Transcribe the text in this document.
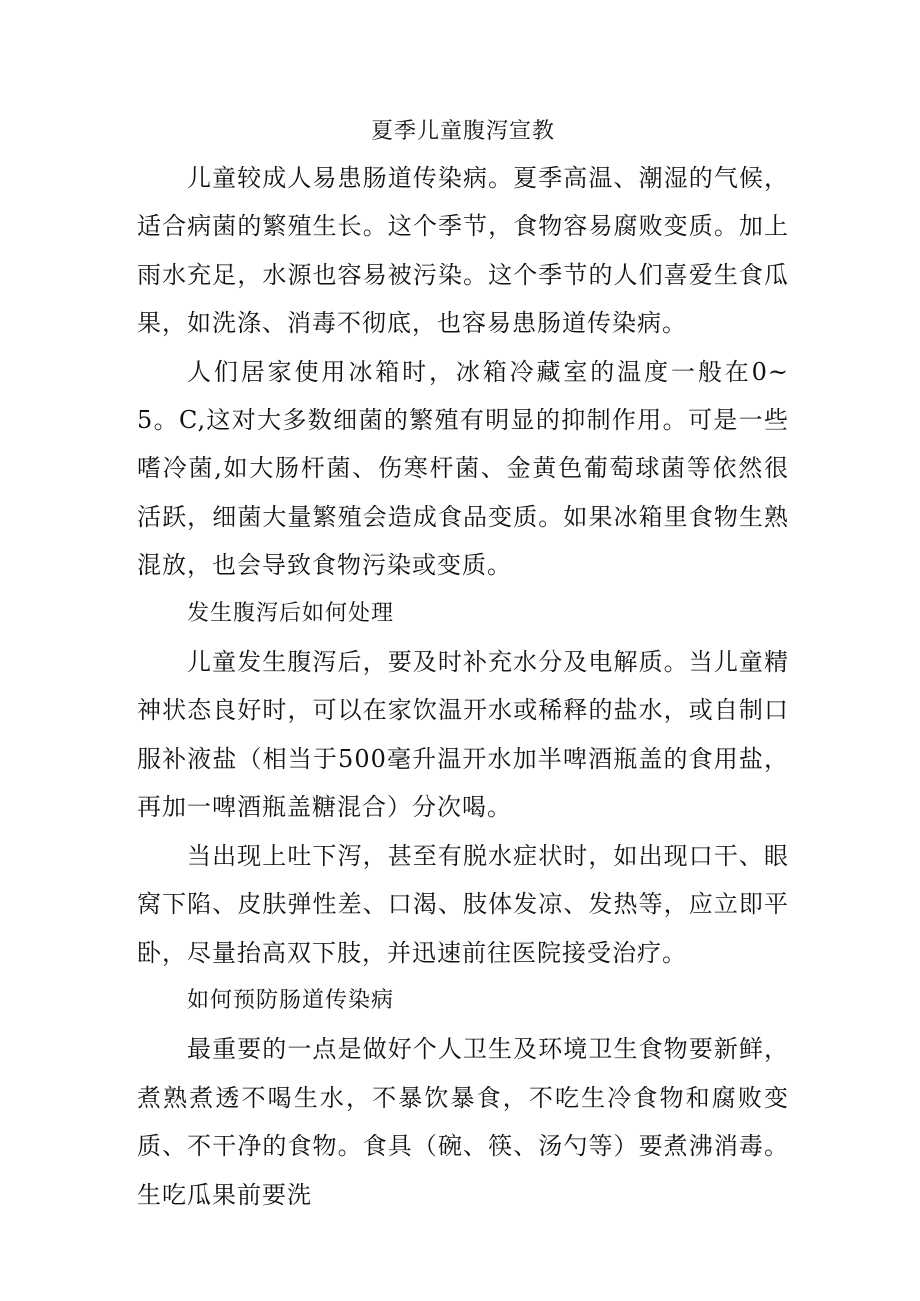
夏季儿童腹泻宣教

儿童较成人易患肠道传染病。夏季高温、潮湿的气候，适合病菌的繁殖生长。这个季节，食物容易腐败变质。加上雨水充足，水源也容易被污染。这个季节的人们喜爱生食瓜果，如洗涤、消毒不彻底，也容易患肠道传染病。

人们居家使用冰箱时，冰箱冷藏室的温度一般在0~5。C,这对大多数细菌的繁殖有明显的抑制作用。可是一些嗜冷菌,如大肠杆菌、伤寒杆菌、金黄色葡萄球菌等依然很活跃，细菌大量繁殖会造成食品变质。如果冰箱里食物生熟混放，也会导致食物污染或变质。

发生腹泻后如何处理

儿童发生腹泻后，要及时补充水分及电解质。当儿童精神状态良好时，可以在家饮温开水或稀释的盐水，或自制口服补液盐（相当于500毫升温开水加半啤酒瓶盖的食用盐，再加一啤酒瓶盖糖混合）分次喝。

当出现上吐下泻，甚至有脱水症状时，如出现口干、眼窝下陷、皮肤弹性差、口渴、肢体发凉、发热等，应立即平卧，尽量抬高双下肢，并迅速前往医院接受治疗。

如何预防肠道传染病

最重要的一点是做好个人卫生及环境卫生食物要新鲜，煮熟煮透不喝生水，不暴饮暴食，不吃生冷食物和腐败变质、不干净的食物。食具（碗、筷、汤勺等）要煮沸消毒。生吃瓜果前要洗
